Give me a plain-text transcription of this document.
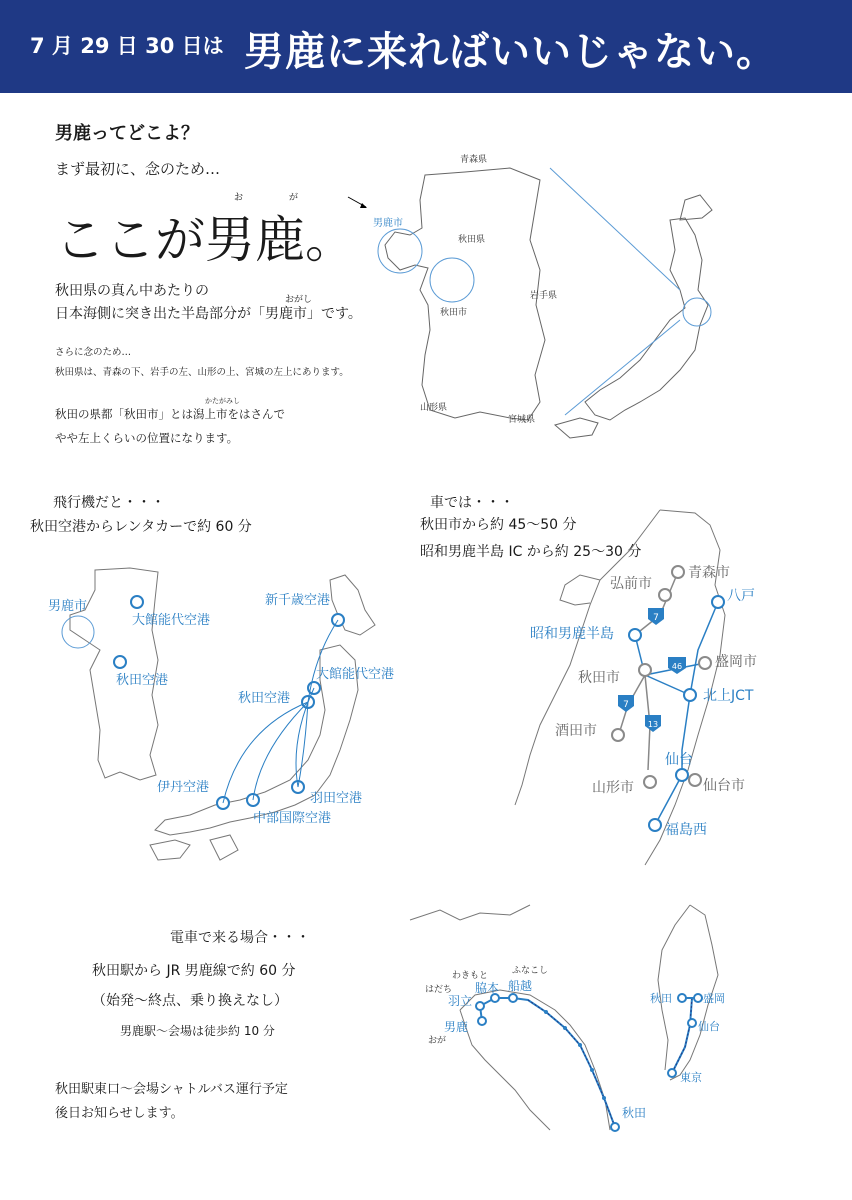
7 月 29 日 30 日は 男鹿に来ればいいじゃない。
男鹿ってどこよ？
まず最初に、念のため…
お	が
ここが男鹿。
秋田県の真ん中あたりの
おがし
日本海側に突き出た半島部分が「男鹿市」です。
さらに念のため…
秋田県は、青森の下、岩手の左、山形の上、宮城の左上にあります。
かたがみし
秋田の県都「秋田市」とは潟上市をはさんで
やや左上くらいの位置になります。
青森県
男鹿市
秋田県
秋田市
岩手県
山形県
宮城県
飛行機だと・・・
秋田空港からレンタカーで約 60 分
男鹿市
大館能代空港
秋田空港
新千歳空港
大館能代空港
秋田空港
伊丹空港
羽田空港
中部国際空港
車では・・・
秋田市から約 45〜50 分
昭和男鹿半島 IC から約 25〜30 分
7
46
7
13
青森市
弘前市
八戸
昭和男鹿半島
盛岡市
秋田市
北上JCT
酒田市
仙台
山形市	仙台市
福島西
電車で来る場合・・・
秋田駅から JR 男鹿線で約 60 分
（始発〜終点、乗り換えなし）
男鹿駅〜会場は徒歩約 10 分
秋田駅東口〜会場シャトルバス運行予定
後日お知らせします。
わきもと	ふなこし
はだち 脇本 船越
羽立
男鹿
おが
秋田
秋田	盛岡
仙台
東京
